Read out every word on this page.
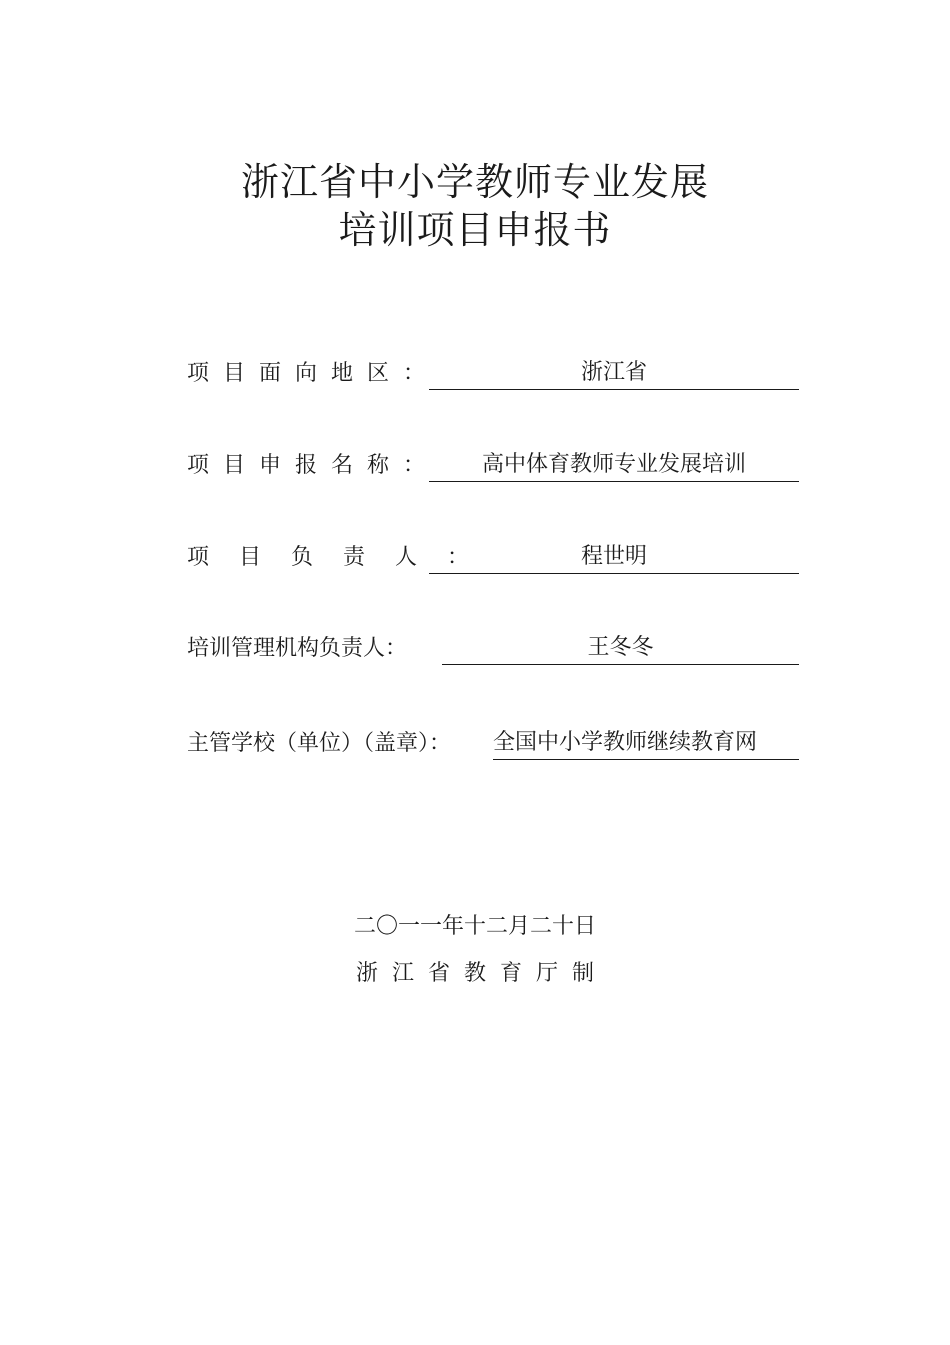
浙江省中小学教师专业发展
培训项目申报书
项目面向地区：	浙江省
项目申报名称：	高中体育教师专业发展培训
项目负责人：	程世明
培训管理机构负责人：	王冬冬
主管学校（单位）（盖章）： 全国中小学教师继续教育网
二〇一一年十二月二十日
浙江省教育厅制
